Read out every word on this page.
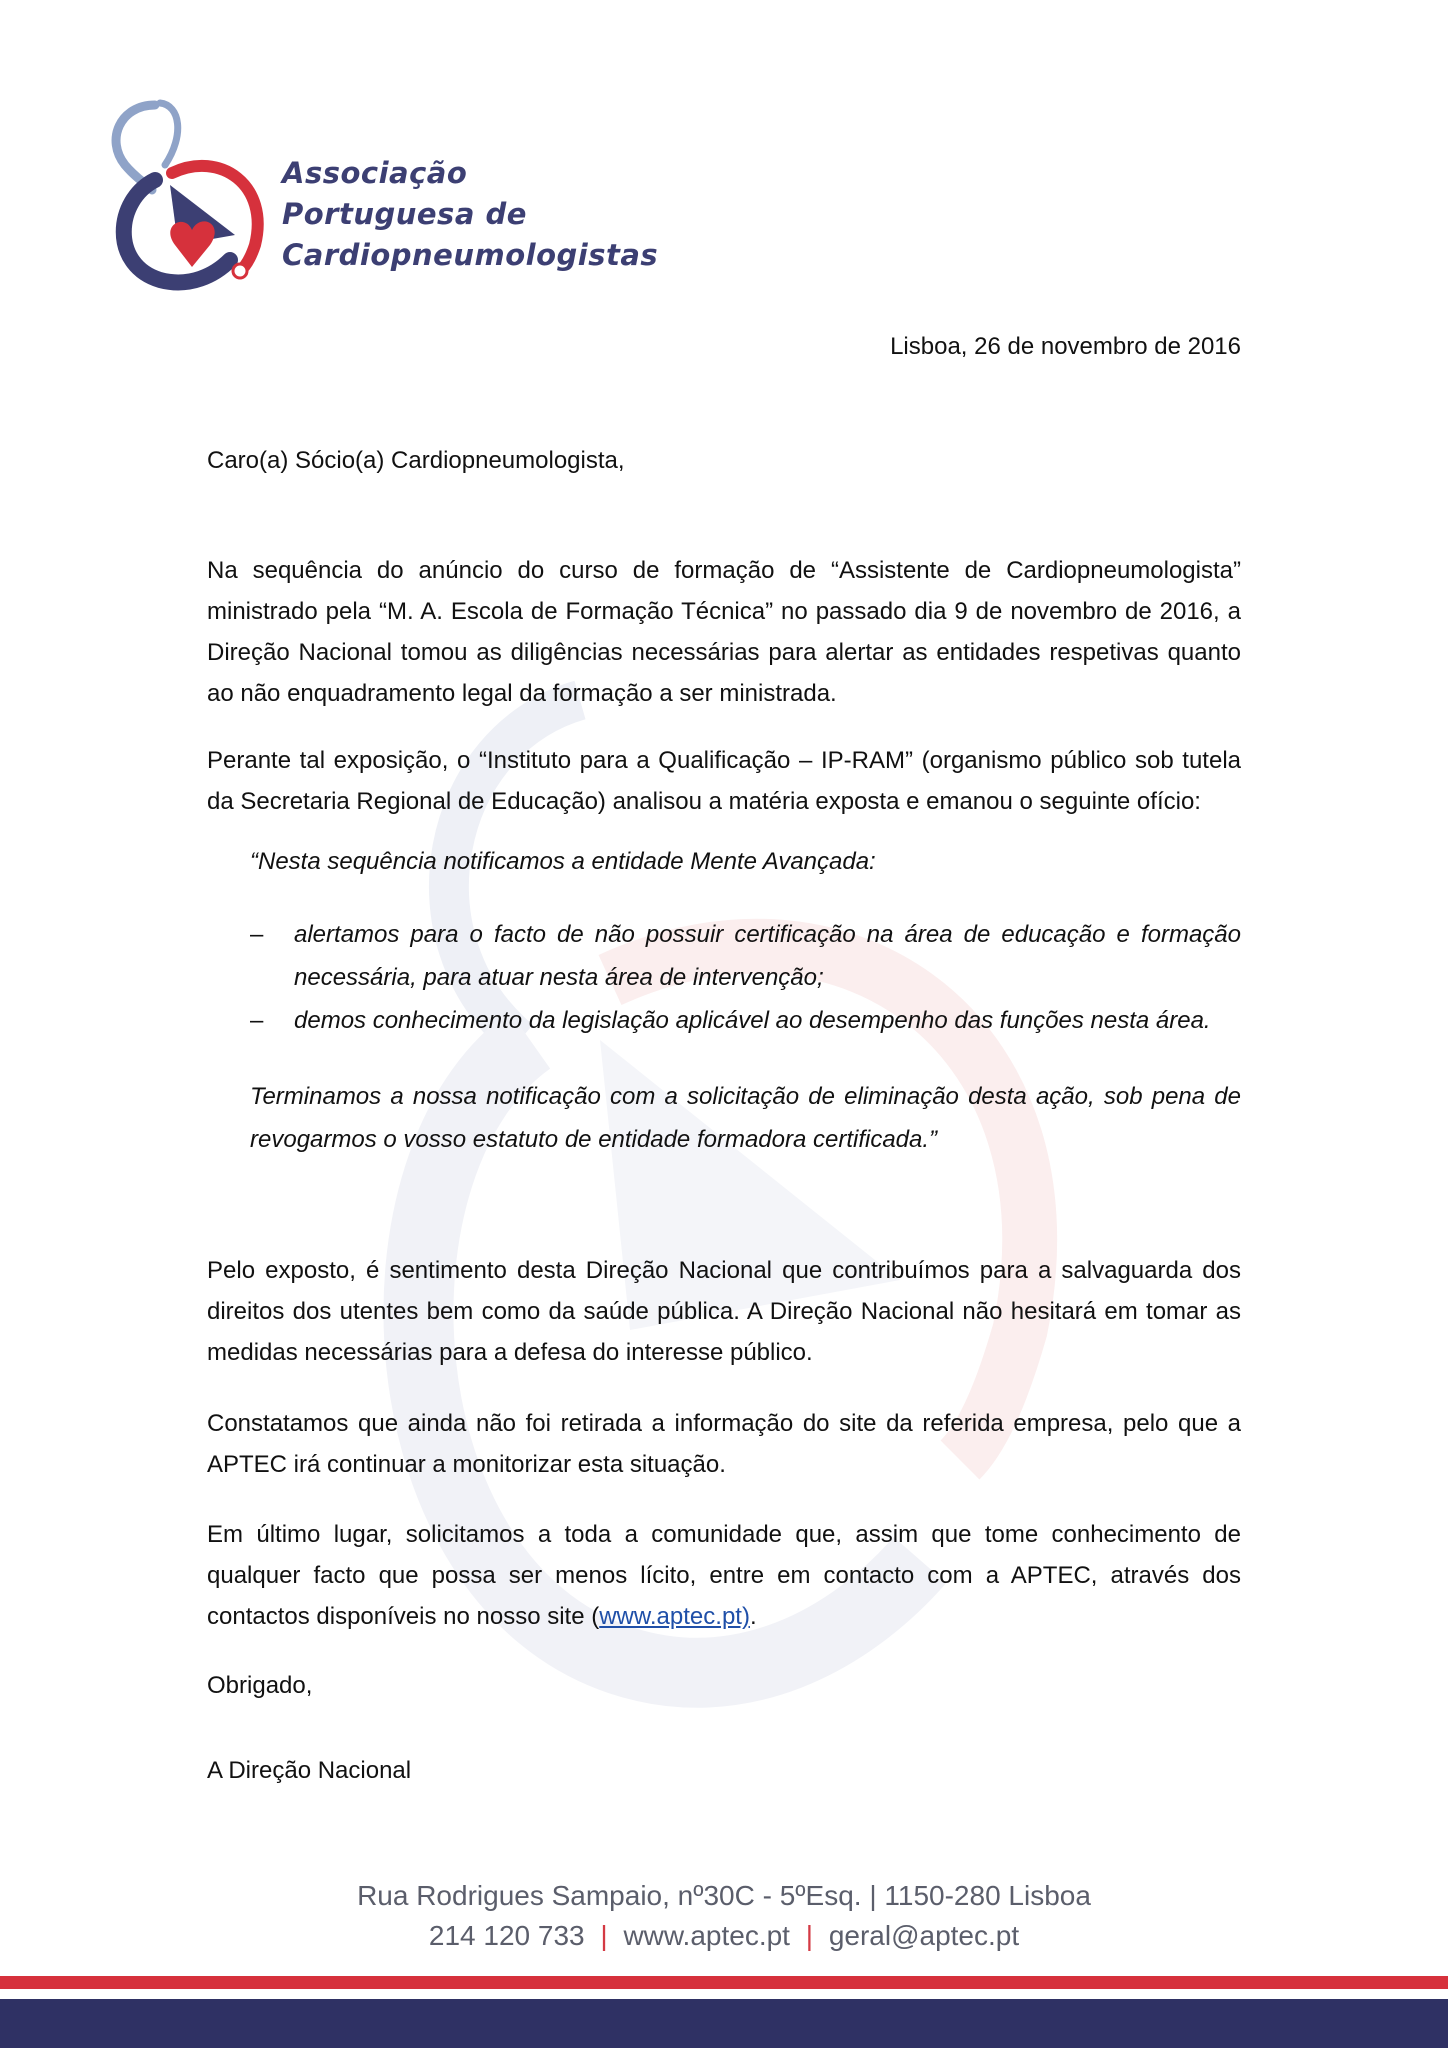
Associação
Portuguesa de
Cardiopneumologistas
Lisboa, 26 de novembro de 2016
Caro(a) Sócio(a) Cardiopneumologista,
Na sequência do anúncio do curso de formação de “Assistente de Cardiopneumologista” ministrado pela “M. A. Escola de Formação Técnica” no passado dia 9 de novembro de 2016, a Direção Nacional tomou as diligências necessárias para alertar as entidades respetivas quanto ao não enquadramento legal da formação a ser ministrada.
Perante tal exposição, o “Instituto para a Qualificação – IP-RAM” (organismo público sob tutela da Secretaria Regional de Educação) analisou a matéria exposta e emanou o seguinte ofício:
“Nesta sequência notificamos a entidade Mente Avançada:
– alertamos para o facto de não possuir certificação na área de educação e formação necessária, para atuar nesta área de intervenção;
– demos conhecimento da legislação aplicável ao desempenho das funções nesta área.
Terminamos a nossa notificação com a solicitação de eliminação desta ação, sob pena de revogarmos o vosso estatuto de entidade formadora certificada.”
Pelo exposto, é sentimento desta Direção Nacional que contribuímos para a salvaguarda dos direitos dos utentes bem como da saúde pública. A Direção Nacional não hesitará em tomar as medidas necessárias para a defesa do interesse público.
Constatamos que ainda não foi retirada a informação do site da referida empresa, pelo que a APTEC irá continuar a monitorizar esta situação.
Em último lugar, solicitamos a toda a comunidade que, assim que tome conhecimento de qualquer facto que possa ser menos lícito, entre em contacto com a APTEC, através dos contactos disponíveis no nosso site (www.aptec.pt).
Obrigado,
A Direção Nacional
Rua Rodrigues Sampaio, nº30C - 5ºEsq. | 1150-280 Lisboa
214 120 733 | www.aptec.pt | geral@aptec.pt
